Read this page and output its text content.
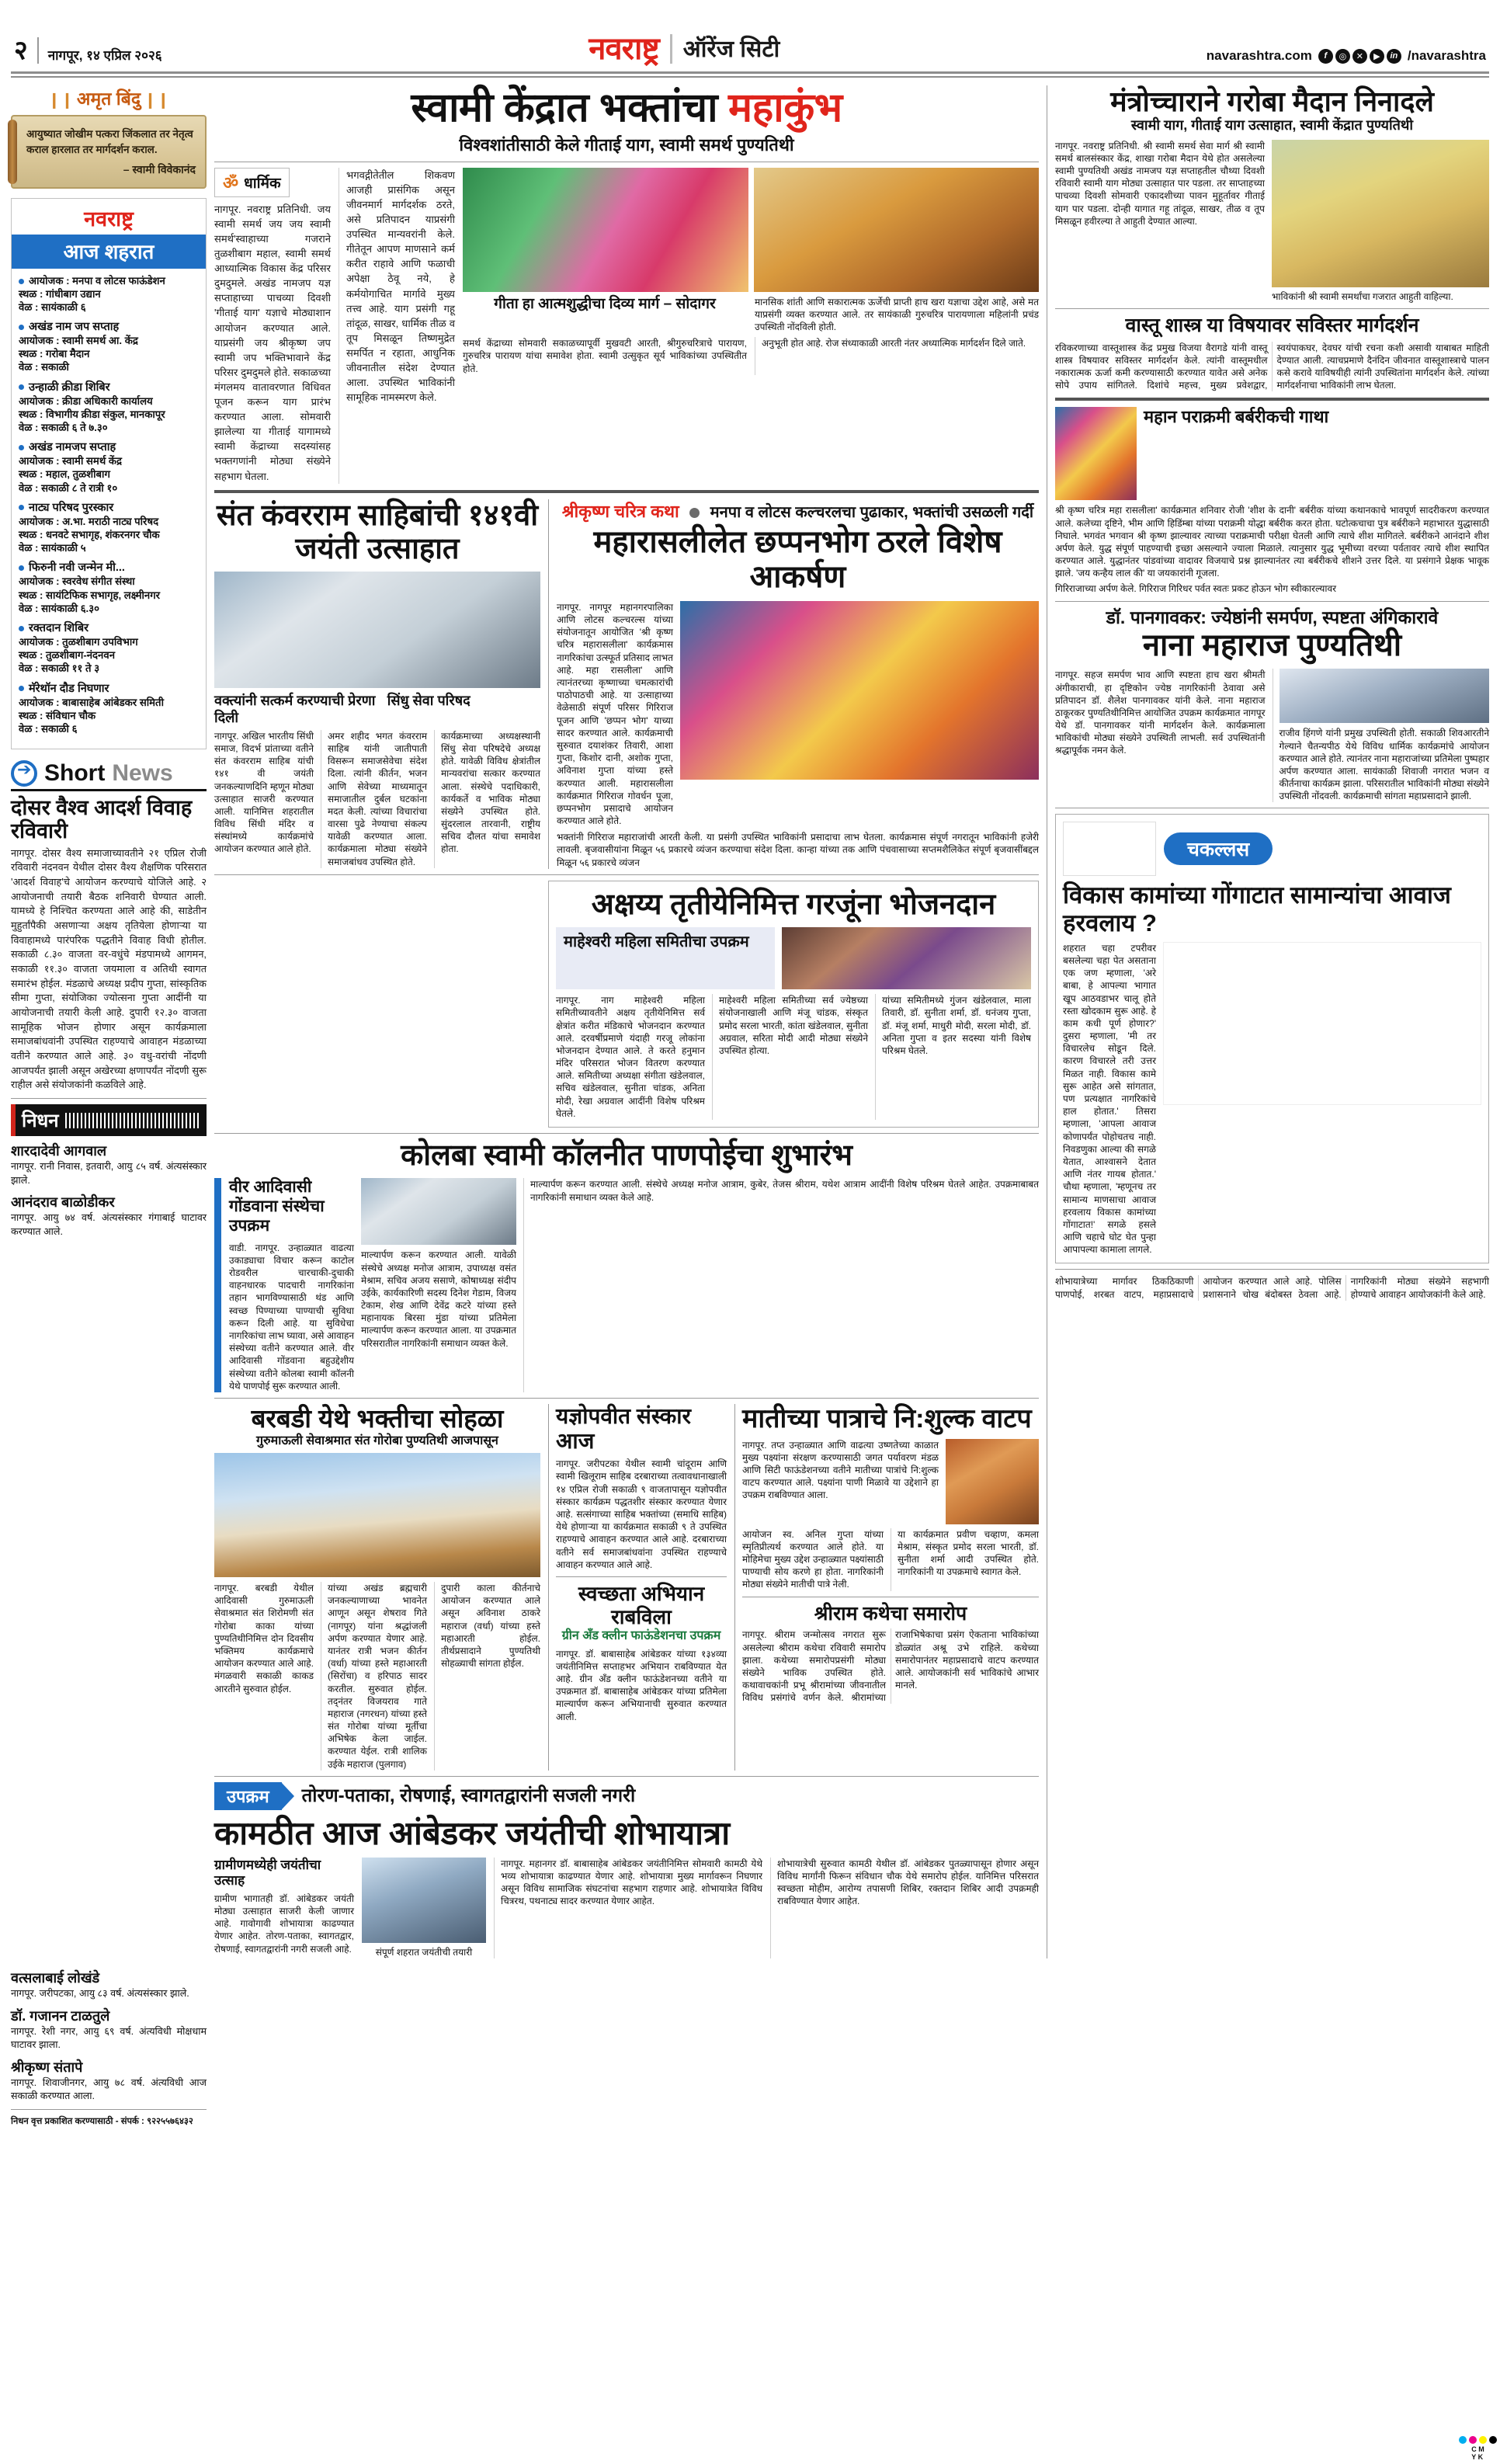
२	नागपूर, १४ एप्रिल २०२६	नवराष्ट्र ऑरेंज सिटी	navarashtra.com	f	◎	✕	▶	in /navarashtra
❙❙ अमृत बिंदु ❙❙
आयुष्यात जोखीम पत्करा जिंकलात तर नेतृत्व कराल हारलात तर मार्गदर्शन कराल.
– स्वामी विवेकानंद
नवराष्ट्र
आज शहरात
आयोजक : मनपा व लोटस फाऊंडेशन
स्थळ : गांधीबाग उद्यान
वेळ : सायंकाळी ६
अखंड नाम जप सप्ताह
आयोजक : स्वामी समर्थ आ. केंद्र
स्थळ : गरोबा मैदान
वेळ : सकाळी
उन्हाळी क्रीडा शिबिर
आयोजक : क्रीडा अधिकारी कार्यालय
स्थळ : विभागीय क्रीडा संकुल, मानकापूर
वेळ : सकाळी ६ ते ७.३०
अखंड नामजप सप्ताह
आयोजक : स्वामी समर्थ केंद्र
स्थळ : महाल, तुळशीबाग
वेळ : सकाळी ८ ते रात्री १०
नाट्य परिषद पुरस्कार
आयोजक : अ.भा. मराठी नाट्य परिषद
स्थळ : धनवटे सभागृह, शंकरनगर चौक
वेळ : सायंकाळी ५
फिरुनी नवी जन्मेन मी...
आयोजक : स्वरवेध संगीत संस्था
स्थळ : सायंटिफिक सभागृह, लक्ष्मीनगर
वेळ : सायंकाळी ६.३०
रक्तदान शिबिर
आयोजक : तुळशीबाग उपविभाग
स्थळ : तुळशीबाग-नंदनवन
वेळ : सकाळी ११ ते ३
मॅरेथॉन दौड निघणार
आयोजक : बाबासाहेब आंबेडकर समिती
स्थळ : संविधान चौक
वेळ : सकाळी ६
➔
Short News
दोसर वैश्व आदर्श विवाह रविवारी
नागपूर. दोसर वैश्य समाजाच्यावतीने २१ एप्रिल रोजी रविवारी नंदनवन येथील दोसर वैश्य शैक्षणिक परिसरात 'आदर्श विवाह'चे आयोजन करण्याचे योजिले आहे. २ आयोजनाची तयारी बैठक शनिवारी घेण्यात आली. यामध्ये हे निश्चित करण्यता आले आहे की, साडेतीन मुहुर्तांपैकी असणाऱ्या अक्षय तृतियेला होणाऱ्या या विवाहामध्ये पारंपरिक पद्धतीने विवाह विधी होतील. सकाळी ८.३० वाजता वर-वधुंचे मंडपामध्ये आगमन, सकाळी ११.३० वाजता जयमाला व अतिथी स्वागत समारंभ होईल. मंडळाचे अध्यक्ष प्रदीप गुप्ता, सांस्कृतिक सीमा गुप्ता, संयोजिका ज्योत्सना गुप्ता आदींनी या आयोजनाची तयारी केली आहे. दुपारी १२.३० वाजता सामूहिक भोजन होणार असून कार्यक्रमाला समाजबांधवांनी उपस्थित राहण्याचे आवाहन मंडळाच्या वतीने करण्यात आले आहे. ३० वधु-वरांची नोंदणी आजपर्यंत झाली असून अखेरच्या क्षणापर्यंत नोंदणी सुरू राहील असे संयोजकांनी कळविले आहे.
निधन
शारदादेवी आगवाल
नागपूर. रानी निवास, इतवारी, आयु ८५ वर्ष. अंत्यसंस्कार झाले.
आनंदराव बाळोडीकर
नागपूर. आयु ७४ वर्ष. अंत्यसंस्कार गंगाबाई घाटावर करण्यात आले.
स्वामी केंद्रात भक्तांचा महाकुंभ
विश्वशांतीसाठी केले गीताई याग, स्वामी समर्थ पुण्यतिथी
ॐ धार्मिक
नागपूर. नवराष्ट्र प्रतिनिधी. जय स्वामी समर्थ जय जय स्वामी समर्थ'स्वाहाच्या गजराने तुळशीबाग महाल, स्वामी समर्थ आध्यात्मिक विकास केंद्र परिसर दुमदुमले. अखंड नामजप यज्ञ सप्ताहाच्या पाचव्या दिवशी 'गीताई याग' यज्ञाचे मोठ्याशान आयोजन करण्यात आले. याप्रसंगी जय श्रीकृष्ण जप स्वामी जप भक्तिभावाने केंद्र परिसर दुमदुमले होते. सकाळच्या मंगलमय वातावरणात विधिवत पूजन करून याग प्रारंभ करण्यात आला. सोमवारी झालेल्या या गीताई यागामध्ये स्वामी केंद्राच्या सदस्यांसह भक्तगणांनी मोठ्या संख्येने सहभाग घेतला.
भगवद्गीतेतील शिकवण आजही प्रासंगिक असून जीवनमार्ग मार्गदर्शक ठरते, असे प्रतिपादन याप्रसंगी उपस्थित मान्यवरांनी केले. गीतेतून आपण माणसाने कर्म करीत राहावे आणि फळाची अपेक्षा ठेवू नये, हे कर्मयोगाचित मार्गावे मुख्य तत्त्व आहे. याग प्रसंगी गहू तांदूळ, साखर, धार्मिक तीळ व तूप मिसळून तिष्णमुद्रेत समर्पित न रहाता, आधुनिक जीवनातील संदेश देण्यात आला. उपस्थित भाविकांनी सामूहिक नामस्मरण केले.
गीता हा आत्मशुद्धीचा दिव्य मार्ग – सोदागर	मानसिक शांती आणि सकारात्मक ऊर्जेची प्राप्ती हाच खरा यज्ञाचा उद्देश आहे, असे मत याप्रसंगी व्यक्त करण्यात आले. तर सायंकाळी गुरुचरित्र पारायणाला महिलांनी प्रचंड उपस्थिती नोंदविली होती.
समर्थ केंद्राच्या सोमवारी सकाळच्यापूर्वी मुखवटी आरती, श्रीगुरुचरित्राचे पारायण, गुरुचरित्र पारायण यांचा समावेश होता. स्वामी उत्सुकृत सूर्य भाविकांच्या उपस्थितीत होते.
अनुभूती होत आहे. रोज संध्याकाळी आरती नंतर अध्यात्मिक मार्गदर्शन दिले जाते.
संत कंवरराम साहिबांची १४१वी जयंती उत्साहात
वक्त्यांनी सत्कर्म करण्याची प्रेरणा दिली
सिंधु सेवा परिषद
नागपूर. अखिल भारतीय सिंधी समाज, विदर्भ प्रांताच्या वतीने संत कंवरराम साहिब यांची १४१ वी जयंती जनकल्याणदिनि म्हणून मोठ्या उत्साहात साजरी करण्यात आली. यानिमित्त शहरातील विविध सिंधी मंदिर व संस्थांमध्ये कार्यक्रमांचे आयोजन करण्यात आले होते.
अमर शहीद भगत कंवरराम साहिब यांनी जातीपाती विसरून समाजसेवेचा संदेश दिला. त्यांनी कीर्तन, भजन आणि सेवेच्या माध्यमातून समाजातील दुर्बल घटकांना मदत केली. त्यांच्या विचारांचा वारसा पुढे नेण्याचा संकल्प यावेळी करण्यात आला. कार्यक्रमाला मोठ्या संख्येने समाजबांधव उपस्थित होते.
कार्यक्रमाच्या अध्यक्षस्थानी सिंधु सेवा परिषदेचे अध्यक्ष होते. यावेळी विविध क्षेत्रांतील मान्यवरांचा सत्कार करण्यात आला. संस्थेचे पदाधिकारी, कार्यकर्ते व भाविक मोठ्या संख्येने उपस्थित होते. सुंदरलाल तारवानी, राष्ट्रीय सचिव दौलत यांचा समावेश होता.
श्रीकृष्ण चरित्र कथा मनपा व लोटस कल्चरलचा पुढाकार, भक्तांची उसळली गर्दी
महारासलीलेत छप्पनभोग ठरले विशेष आकर्षण
नागपूर. नागपूर महानगरपालिका आणि लोटस कल्चरल्स यांच्या संयोजनातून आयोजित 'श्री कृष्ण चरित्र महारासलीला' कार्यक्रमास नागरिकांचा उत्स्फूर्त प्रतिसाद लाभत आहे. महा रासलीला' आणि त्यानंतरच्या कृष्णाच्या चमत्कारांची पाठोपाठची आहे. या उत्साहाच्या वेळेसाठी संपूर्ण परिसर गिरिराज पूजन आणि 'छप्पन भोग' याच्या सादर करण्यात आले. कार्यक्रमाची सुरुवात दयाशंकर तिवारी, आशा गुप्ता, किशोर दानी, अशोक गुप्ता, अविनाश गुप्ता यांच्या हस्ते करण्यात आली. महारासलीला कार्यक्रमात गिरिराज गोवर्धन पूजा, छप्पनभोग प्रसादाचे आयोजन करण्यात आले होते.
भक्तांनी गिरिराज महाराजांची आरती केली. या प्रसंगी उपस्थित भाविकांनी प्रसादाचा लाभ घेतला. कार्यक्रमास संपूर्ण नगरातून भाविकांनी हजेरी लावली. बृजवासीयांना मिळून ५६ प्रकारचे व्यंजन करण्याचा संदेश दिला. कान्हा यांच्या तक आणि पंचवासाच्या सप्तमशैलिकेत संपूर्ण बृजवासींबद्दल मिळून ५६ प्रकारचे व्यंजन
अक्षय्य तृतीयेनिमित्त गरजूंना भोजनदान
माहेश्वरी महिला समितीचा उपक्रम
नागपूर. नाग माहेश्वरी महिला समितीच्यावतीने अक्षय तृतीयेनिमित्त सर्व क्षेत्रांत करीत मंडिकाचे भोजनदान करण्यात आले. दरवर्षीप्रमाणे यंदाही गरजू लोकांना भोजनदान देण्यात आले. ते करते हनुमान मंदिर परिसरात भोजन वितरण करण्यात आले. समितीच्या अध्यक्षा संगीता खंडेलवाल, सचिव खंडेलवाल, सुनीता चांडक, अनिता मोदी, रेखा अग्रवाल आदींनी विशेष परिश्रम घेतले.
माहेश्वरी महिला समितीच्या सर्व ज्येष्ठच्या संयोजनाखाली आणि मंजू चांडक, संस्कृत प्रमोद सरला भारती, कांता खंडेलवाल, सुनीता अग्रवाल, सरिता मोदी आदी मोठ्या संख्येने उपस्थित होत्या.
यांच्या समितीमध्ये गुंजन खंडेलवाल, माला तिवारी, डॉ. सुनीता शर्मा, डॉ. धनंजय गुप्ता, डॉ. मंजू शर्मा, माधुरी मोदी, सरला मोदी, डॉ. अनिता गुप्ता व इतर सदस्या यांनी विशेष परिश्रम घेतले.
कोलबा स्वामी कॉलनीत पाणपोईचा शुभारंभ
वीर आदिवासी गोंडवाना संस्थेचा उपक्रम
वाडी. नागपूर. उन्हाळ्यात वाढत्या उकाड्याचा विचार करून काटोल रोडवरील चारचाकी-दुचाकी वाहनधारक पादचारी नागरिकांना तहान भागविण्यासाठी थंड आणि स्वच्छ पिण्याच्या पाण्याची सुविधा करून दिली आहे. या सुविधेचा नागरिकांचा लाभ घ्यावा, असे आवाहन संस्थेच्या वतीने करण्यात आले. वीर आदिवासी गोंडवाना बहुउद्देशीय संस्थेच्या वतीने कोलबा स्वामी कॉलनी येथे पाणपोई सुरू करण्यात आली.
माल्यार्पण करून करण्यात आली. यावेळी संस्थेचे अध्यक्ष मनोज आत्राम, उपाध्यक्ष वसंत मेश्राम, सचिव अजय ससाणे, कोषाध्यक्ष संदीप उईके, कार्यकारिणी सदस्य दिनेश गेडाम, विजय टेकाम, शेख आणि देवेंद्र कटरे यांच्या हस्ते महानायक बिरसा मुंडा यांच्या प्रतिमेला माल्यार्पण करून करण्यात आला. या उपक्रमात परिसरातील नागरिकांनी समाधान व्यक्त केले.
माल्यार्पण करून करण्यात आली. संस्थेचे अध्यक्ष मनोज आत्राम, कुबेर, तेजस श्रीराम, यथेश आत्राम आदींनी विशेष परिश्रम घेतले आहेत. उपक्रमाबाबत नागरिकांनी समाधान व्यक्त केले आहे.
बरबडी येथे भक्तीचा सोहळा
गुरुमाऊली सेवाश्रमात संत गोरोबा पुण्यतिथी आजपासून
नागपूर. बरबडी येथील आदिवासी गुरुमाऊली सेवाश्रमात संत शिरोमणी संत गोरोबा काका यांच्या पुण्यतिथीनिमित्त दोन दिवसीय भक्तिमय कार्यक्रमाचे आयोजन करण्यात आले आहे. मंगळवारी सकाळी काकड आरतीने सुरुवात होईल.
यांच्या अखंड ब्रह्मचारी जनकल्याणाच्या भावनेत आणून असून शेषराव गिते (नागपूर) यांना श्रद्धांजली अर्पण करण्यात येणार आहे. यानंतर रात्री भजन कीर्तन (वर्धा) यांच्या हस्ते महाआरती (सिरोंचा) व हरिपाठ सादर करतील. सुरुवात होईल. तद्नंतर विजयराव गाते महाराज (नगरधन) यांच्या हस्ते संत गोरोबा यांच्या मूर्तीचा अभिषेक केला जाईल. करण्यात येईल. रात्री शालिक उईके महाराज (पुलगाव)
दुपारी काला कीर्तनाचे आयोजन करण्यात आले असून अविनाश ठाकरे महाराज (वर्धा) यांच्या हस्ते महाआरती होईल. तीर्थप्रसादाने पुण्यतिथी सोहळ्याची सांगता होईल.
यज्ञोपवीत संस्कार आज
नागपूर. जरीपटका येथील स्वामी चांदूराम आणि स्वामी खिलूराम साहिब दरबाराच्या तत्वावधानाखाली १४ एप्रिल रोजी सकाळी ९ वाजतापासून यज्ञोपवीत संस्कार कार्यक्रम पद्धतशीर संस्कार करण्यात येणार आहे. सत्संगाच्या साहिब भक्तांच्या (समाधि साहिब) येथे होणाऱ्या या कार्यक्रमात सकाळी ९ ते उपस्थित राहण्याचे आवाहन करण्यात आले आहे. दरबाराच्या वतीने सर्व समाजबांधवांना उपस्थित राहण्याचे आवाहन करण्यात आले आहे.
स्वच्छता अभियान राबविला
ग्रीन अँड क्लीन फाऊंडेशनचा उपक्रम
नागपूर. डॉ. बाबासाहेब आंबेडकर यांच्या १३४व्या जयंतीनिमित्त सप्ताहभर अभियान राबविण्यात येत आहे. ग्रीन अँड क्लीन फाऊंडेशनच्या वतीने या उपक्रमात डॉ. बाबासाहेब आंबेडकर यांच्या प्रतिमेला माल्यार्पण करून अभियानाची सुरुवात करण्यात आली.
मातीच्या पात्राचे नि:शुल्क वाटप
नागपूर. तप्त उन्हाळ्यात आणि वाढत्या उष्णतेच्या काळात मुख्य पक्ष्यांना संरक्षण करण्यासाठी जगत पर्यावरण मंडळ आणि सिटी फाऊंडेशनच्या वतीने मातीच्या पात्रांचे नि:शुल्क वाटप करण्यात आले. पक्ष्यांना पाणी मिळावे या उद्देशाने हा उपक्रम राबविण्यात आला.
आयोजन स्व. अनिल गुप्ता यांच्या स्मृतिप्रीत्यर्थ करण्यात आले होते. या मोहिमेचा मुख्य उद्देश उन्हाळ्यात पक्ष्यांसाठी पाण्याची सोय करणे हा होता. नागरिकांनी मोठ्या संख्येने मातीची पात्रे नेली.
या कार्यक्रमात प्रवीण चव्हाण, कमला मेश्राम, संस्कृत प्रमोद सरला भारती, डॉ. सुनीता शर्मा आदी उपस्थित होते. नागरिकांनी या उपक्रमाचे स्वागत केले.
श्रीराम कथेचा समारोप
नागपूर. श्रीराम जन्मोत्सव नगरात सुरू असलेल्या श्रीराम कथेचा रविवारी समारोप झाला. कथेच्या समारोपप्रसंगी मोठ्या संख्येने भाविक उपस्थित होते. कथावाचकांनी प्रभू श्रीरामांच्या जीवनातील विविध प्रसंगांचे वर्णन केले. श्रीरामांच्या राजाभिषेकाचा प्रसंग ऐकताना भाविकांच्या डोळ्यांत अश्रू उभे राहिले. कथेच्या समारोपानंतर महाप्रसादाचे वाटप करण्यात आले. आयोजकांनी सर्व भाविकांचे आभार मानले.
उपक्रम	तोरण-पताका, रोषणाई, स्वागतद्वारांनी सजली नगरी
कामठीत आज आंबेडकर जयंतीची शोभायात्रा
ग्रामीणमध्येही जयंतीचा उत्साह
ग्रामीण भागातही डॉ. आंबेडकर जयंती मोठ्या उत्साहात साजरी केली जाणार आहे. गावोगावी शोभायात्रा काढण्यात येणार आहेत. तोरण-पताका, स्वागतद्वार, रोषणाई, स्वागतद्वारांनी नगरी सजली आहे.	संपूर्ण शहरात जयंतीची तयारी
नागपूर. महानगर डॉ. बाबासाहेब आंबेडकर जयंतीनिमित्त सोमवारी कामठी येथे भव्य शोभायात्रा काढण्यात येणार आहे. शोभायात्रा मुख्य मार्गावरून निघणार असून विविध सामाजिक संघटनांचा सहभाग राहणार आहे. शोभायात्रेत विविध चित्ररथ, पथनाट्य सादर करण्यात येणार आहेत.
शोभायात्रेची सुरुवात कामठी येथील डॉ. आंबेडकर पुतळ्यापासून होणार असून विविध मार्गांनी फिरून संविधान चौक येथे समारोप होईल. यानिमित्त परिसरात स्वच्छता मोहीम, आरोग्य तपासणी शिबिर, रक्तदान शिबिर आदी उपक्रमही राबविण्यात येणार आहेत.
मंत्रोच्चाराने गरोबा मैदान निनादले
स्वामी याग, गीताई याग उत्साहात, स्वामी केंद्रात पुण्यतिथी
नागपूर. नवराष्ट्र प्रतिनिधी. श्री स्वामी समर्थ सेवा मार्ग श्री स्वामी समर्थ बालसंस्कार केंद्र, शाखा गरोबा मैदान येथे होत असलेल्या स्वामी पुण्यतिथी अखंड नामजप यज्ञ सप्ताहतील चौथ्या दिवशी रविवारी स्वामी याग मोठ्या उत्साहात पार पडला. तर साप्ताहच्या पाचव्या दिवशी सोमवारी एकादशीच्या पावन मुहूर्तावर गीताई याग पार पडला. दोन्ही यागात गहू तांदूळ, साखर, तीळ व तूप मिसळून हवीरल्या ते आहुती देण्यात आल्या.
भाविकांनी श्री स्वामी समर्थांचा गजरात आहुती वाहिल्या.
वास्तू शास्त्र या विषयावर सविस्तर मार्गदर्शन
रविकरणाच्या वास्तूशास्त्र केंद्र प्रमुख विजया वैरागडे यांनी वास्तू शास्त्र विषयावर सविस्तर मार्गदर्शन केले. त्यांनी वास्तूमधील नकारात्मक ऊर्जा कमी करण्यासाठी करण्यात यावेत असे अनेक सोपे उपाय सांगितले. दिशांचे महत्त्व, मुख्य प्रवेशद्वार, स्वयंपाकघर, देवघर यांची रचना कशी असावी याबाबत माहिती देण्यात आली. त्याचप्रमाणे दैनंदिन जीवनात वास्तूशास्त्राचे पालन कसे करावे याविषयीही त्यांनी उपस्थितांना मार्गदर्शन केले. त्यांच्या मार्गदर्शनाचा भाविकांनी लाभ घेतला.
महान पराक्रमी बर्बरीकची गाथा
श्री कृष्ण चरित्र महा रासलीला' कार्यक्रमात शनिवार रोजी 'शीश के दानी' बर्बरीक यांच्या कथानकाचे भावपूर्ण सादरीकरण करण्यात आले. कलेच्या दृष्टिने, भीम आणि हिडिंम्बा यांच्या पराक्रमी योद्धा बर्बरीक करत होता. घटोत्कचाचा पुत्र बर्बरीकने महाभारत युद्धासाठी निघाले. भगवंत भगवान श्री कृष्ण झाल्यावर त्याच्या पराक्रमाची परीक्षा घेतली आणि त्याचे शीश मागितले. बर्बरीकने आनंदाने शीश अर्पण केले. युद्ध संपूर्ण पाहण्याची इच्छा असल्याने ज्याला मिळाले. त्यानुसार युद्ध भूमीच्या वरच्या पर्वतावर त्याचे शीश स्थापित करण्यात आले. युद्धानंतर पांडवांच्या वादावर विजयाचे प्रश्न झाल्यानंतर त्या बर्बरीकचे शीशने उत्तर दिले. या प्रसंगाने प्रेक्षक भावूक झाले. 'जय कन्हैय लाल की' या जयकारांनी गूजला.
गिरिराजाच्या अर्पण केले. गिरिराज गिरिधर पर्वत स्वतः प्रकट होऊन भोग स्वीकारल्यावर
डॉ. पानगावकर: ज्येष्ठांनी समर्पण, स्पष्टता अंगिकारावे
नाना महाराज पुण्यतिथी
नागपूर. सहज समर्पण भाव आणि स्पष्टता हाच खरा श्रीमती अंगीकाराची, हा दृष्टिकोन ज्येष्ठ नागरिकांनी ठेवावा असे प्रतिपादन डॉ. शैलेश पानगावकर यांनी केले. नाना महाराज ठाकूरकर पुण्यतिथीनिमित्त आयोजित उपक्रम कार्यक्रमात नागपूर येथे डॉ. पानगावकर यांनी मार्गदर्शन केले. कार्यक्रमाला भाविकांची मोठ्या संख्येने उपस्थिती लाभली. सर्व उपस्थितांनी श्रद्धापूर्वक नमन केले.
राजीव हिंगणे यांनी प्रमुख उपस्थिती होती. सकाळी शिवआरतीने गेल्याने चैतन्यपीठ येथे विविध धार्मिक कार्यक्रमांचे आयोजन करण्यात आले होते. त्यानंतर नाना महाराजांच्या प्रतिमेला पुष्पहार अर्पण करण्यात आला. सायंकाळी शिवाजी नगरात भजन व कीर्तनाचा कार्यक्रम झाला. परिसरातील भाविकांनी मोठ्या संख्येने उपस्थिती नोंदवली. कार्यक्रमाची सांगता महाप्रसादाने झाली.
चकल्लस
विकास कामांच्या गोंगाटात सामान्यांचा आवाज हरवलाय ?
शहरात चहा टपरीवर बसलेल्या चहा पेत असताना एक जण म्हणाला, 'अरे बाबा, हे आपल्या भागात खूप आठवडाभर चालू होते रस्ता खोदकाम सुरू आहे. हे काम कधी पूर्ण होणार?' दुसरा म्हणाला, 'मी तर विचारलेच सोडून दिले. कारण विचारले तरी उत्तर मिळत नाही. विकास कामे सुरू आहेत असे सांगतात, पण प्रत्यक्षात नागरिकांचे हाल होतात.' तिसरा म्हणाला, 'आपला आवाज कोणापर्यंत पोहोचतच नाही. निवडणुका आल्या की सगळे येतात, आश्वासने देतात आणि नंतर गायब होतात.' चौथा म्हणाला, 'म्हणूनच तर सामान्य माणसाचा आवाज हरवलाय विकास कामांच्या गोंगाटात!' सगळे हसले आणि चहाचे घोट घेत पुन्हा आपापल्या कामाला लागले.
शोभायात्रेच्या मार्गावर ठिकठिकाणी पाणपोई, शरबत वाटप, महाप्रसादाचे आयोजन करण्यात आले आहे. पोलिस प्रशासनाने चोख बंदोबस्त ठेवला आहे. नागरिकांनी मोठ्या संख्येने सहभागी होण्याचे आवाहन आयोजकांनी केले आहे.
वत्सलाबाई लोखंडे
नागपूर. जरीपटका, आयु ८३ वर्ष. अंत्यसंस्कार झाले.
डॉ. गजानन टाळतुले
नागपूर. रेशी नगर, आयु ६९ वर्ष. अंत्यविधी मोक्षधाम घाटावर झाला.
श्रीकृष्ण संतापे
नागपूर. शिवाजीनगर, आयु ७८ वर्ष. अंत्यविधी आज सकाळी करण्यात आला.
निधन वृत्त प्रकाशित करण्यासाठी - संपर्क : ९२२५५७६४३२
C M
Y K
